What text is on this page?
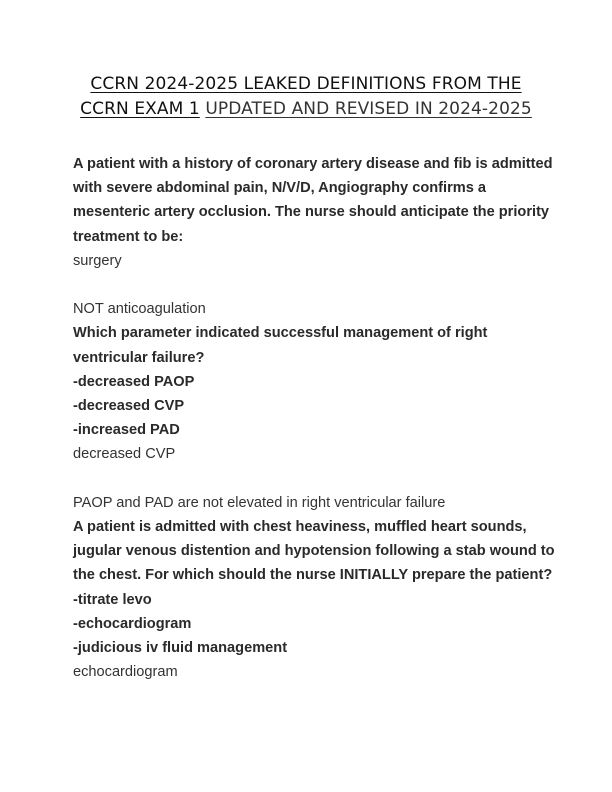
CCRN 2024-2025 LEAKED DEFINITIONS FROM THE
CCRN EXAM 1 UPDATED AND REVISED IN 2024-2025
A patient with a history of coronary artery disease and fib is admitted
with severe abdominal pain, N/V/D, Angiography confirms a
mesenteric artery occlusion. The nurse should anticipate the priority
treatment to be:
surgery
NOT anticoagulation
Which parameter indicated successful management of right
ventricular failure?
-decreased PAOP
-decreased CVP
-increased PAD
decreased CVP
PAOP and PAD are not elevated in right ventricular failure
A patient is admitted with chest heaviness, muffled heart sounds,
jugular venous distention and hypotension following a stab wound to
the chest. For which should the nurse INITIALLY prepare the patient?
-titrate levo
-echocardiogram
-judicious iv fluid management
echocardiogram
